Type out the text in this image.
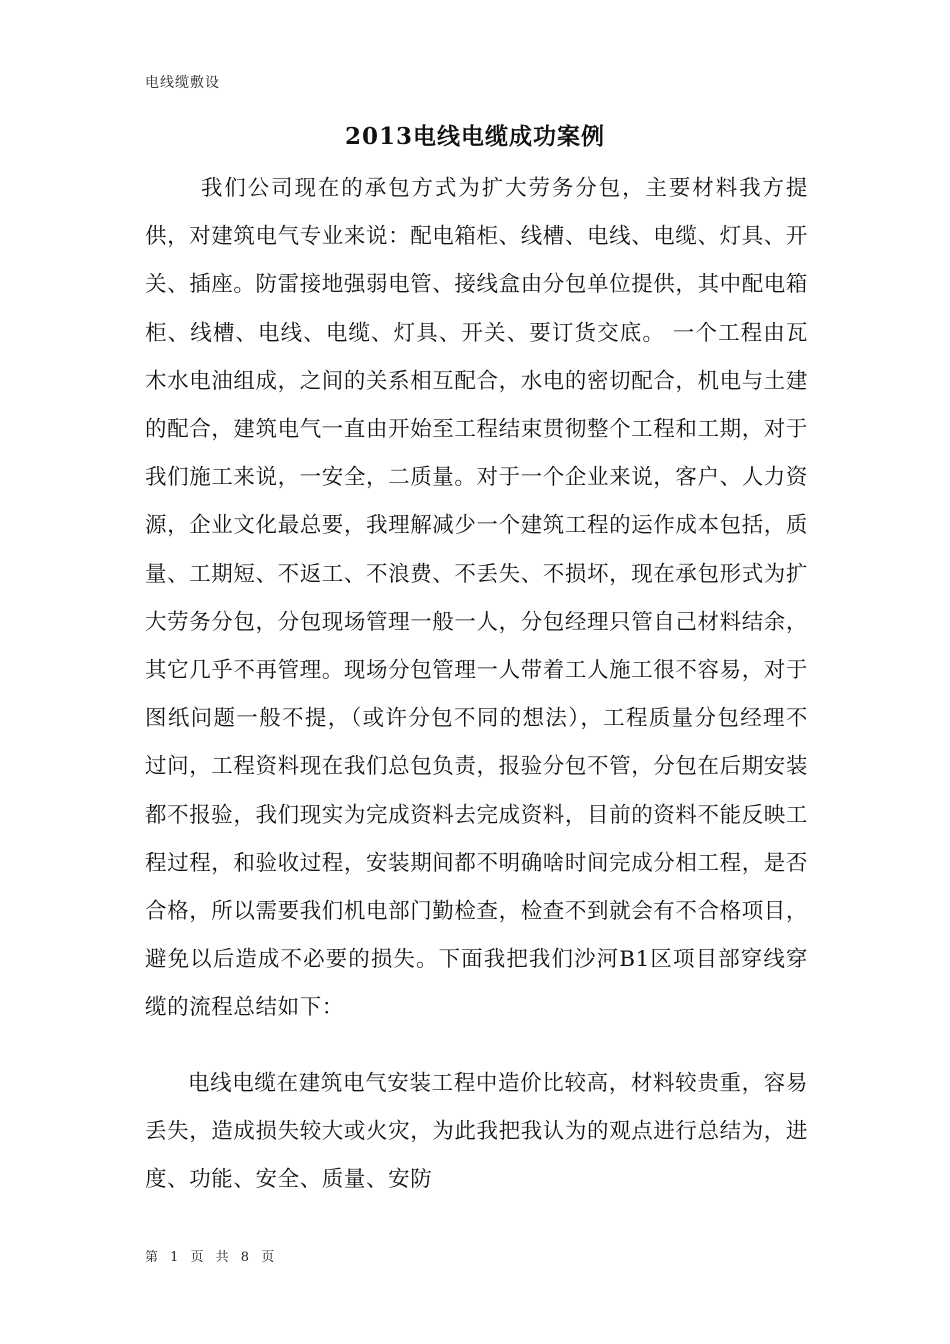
电线缆敷设
2013电线电缆成功案例

我们公司现在的承包方式为扩大劳务分包，主要材料我方提供，对建筑电气专业来说：配电箱柜、线槽、电线、电缆、灯具、开关、插座。防雷接地强弱电管、接线盒由分包单位提供，其中配电箱柜、线槽、电线、电缆、灯具、开关、要订货交底。 一个工程由瓦木水电油组成，之间的关系相互配合，水电的密切配合，机电与土建的配合，建筑电气一直由开始至工程结束贯彻整个工程和工期，对于我们施工来说，一安全，二质量。对于一个企业来说，客户、人力资源，企业文化最总要，我理解减少一个建筑工程的运作成本包括，质量、工期短、不返工、不浪费、不丢失、不损坏，现在承包形式为扩大劳务分包，分包现场管理一般一人，分包经理只管自己材料结余，其它几乎不再管理。现场分包管理一人带着工人施工很不容易，对于图纸问题一般不提，（或许分包不同的想法），工程质量分包经理不过问，工程资料现在我们总包负责，报验分包不管，分包在后期安装都不报验，我们现实为完成资料去完成资料，目前的资料不能反映工程过程，和验收过程，安装期间都不明确啥时间完成分相工程，是否合格，所以需要我们机电部门勤检查，检查不到就会有不合格项目，避免以后造成不必要的损失。下面我把我们沙河B1区项目部穿线穿缆的流程总结如下：

电线电缆在建筑电气安装工程中造价比较高，材料较贵重，容易丢失，造成损失较大或火灾，为此我把我认为的观点进行总结为，进度、功能、安全、质量、安防

第 1 页 共 8 页
